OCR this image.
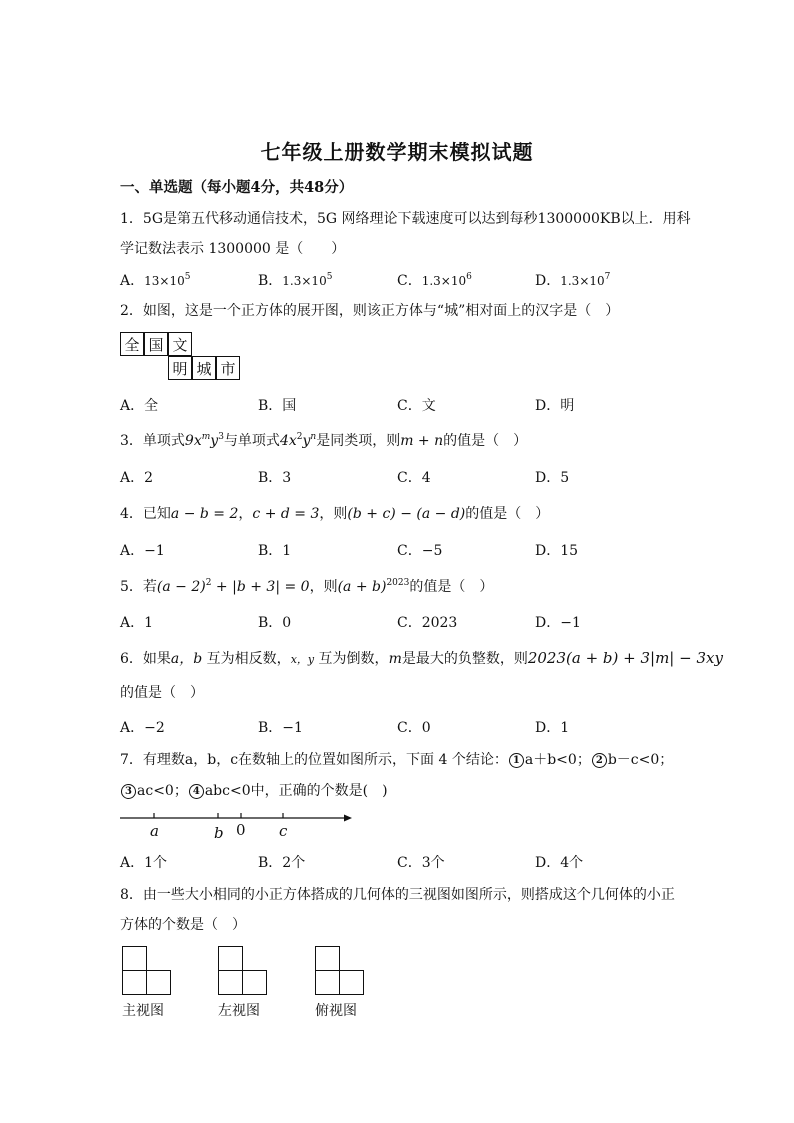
七年级上册数学期末模拟试题
一、单选题（每小题4分，共48分）
1．5G是第五代移动通信技术，5G 网络理论下载速度可以达到每秒1300000KB以上．用科
学记数法表示 1300000 是（　　）
A．$13\times 10^5$	B．$1.3\times 10^5$	C．$1.3\times 10^6$	D．$1.3\times 10^7$
2．如图，这是一个正方体的展开图，则该正方体与“城”相对面上的汉字是（　）
全 国 文
明 城 市
A．全	B．国	C．文	D．明
3．单项式$9x^my^3$与单项式$4x^2y^n$是同类项，则m + n的值是（　）
A．2	B．3	C．4	D．5
4．已知a − b = 2，c + d = 3，则(b + c) − (a − d)的值是（　）
A．−1	B．1	C．−5	D．15
5．若$(a - 2)^2 + |b + 3| = 0$，则$(a + b)^{2023}$的值是（　）
A．1	B．0	C．2023	D．−1
6．如果a，b 互为相反数，x，y 互为倒数，m是最大的负整数，则2023(a + b) + 3|m| − 3xy
的值是（　）
A．−2	B．−1	C．0	D．1
7．有理数a，b，c在数轴上的位置如图所示，下面 4 个结论： 1 a＋b<0； 2 b－c<0；
3 ac<0； 4 abc<0中，正确的个数是(　)
a	b 0 c
A．1个	B．2个	C．3个	D．4个
8．由一些大小相同的小正方体搭成的几何体的三视图如图所示，则搭成这个几何体的小正
方体的个数是（　）
主视图	左视图	俯视图
